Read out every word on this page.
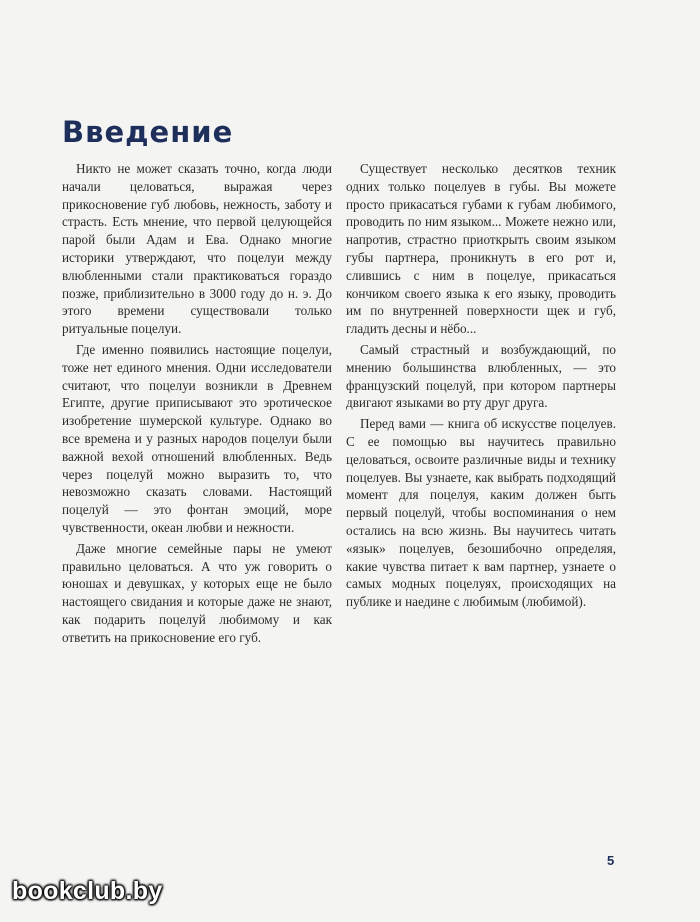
Введение

Никто не может сказать точно, когда люди начали целоваться, выражая через прикосновение губ любовь, нежность, заботу и страсть. Есть мнение, что первой целующейся парой были Адам и Ева. Однако многие историки утверждают, что поцелуи между влюбленными стали практиковаться гораздо позже, приблизительно в 3000 году до н. э. До этого времени существовали только ритуальные поцелуи.

Где именно появились настоящие поцелуи, тоже нет единого мнения. Одни исследователи считают, что поцелуи возникли в Древнем Египте, другие приписывают это эротическое изобретение шумерской культуре. Однако во все времена и у разных народов поцелуи были важной вехой отношений влюбленных. Ведь через поцелуй можно выразить то, что невозможно сказать словами. Настоящий поцелуй — это фонтан эмоций, море чувственности, океан любви и нежности.

Даже многие семейные пары не умеют правильно целоваться. А что уж говорить о юношах и девушках, у которых еще не было настоящего свидания и которые даже не знают, как подарить поцелуй любимому и как ответить на прикосновение его губ.

Существует несколько десятков техник одних только поцелуев в губы. Вы можете просто прикасаться губами к губам любимого, проводить по ним языком... Можете нежно или, напротив, страстно приоткрыть своим языком губы партнера, проникнуть в его рот и, слившись с ним в поцелуе, прикасаться кончиком своего языка к его языку, проводить им по внутренней поверхности щек и губ, гладить десны и нёбо...

Самый страстный и возбуждающий, по мнению большинства влюбленных, — это французский поцелуй, при котором партнеры двигают языками во рту друг друга.

Перед вами — книга об искусстве поцелуев. С ее помощью вы научитесь правильно целоваться, освоите различные виды и технику поцелуев. Вы узнаете, как выбрать подходящий момент для поцелуя, каким должен быть первый поцелуй, чтобы воспоминания о нем остались на всю жизнь. Вы научитесь читать «язык» поцелуев, безошибочно определяя, какие чувства питает к вам партнер, узнаете о самых модных поцелуях, происходящих на публике и наедине с любимым (любимой).

5
bookclub.by
